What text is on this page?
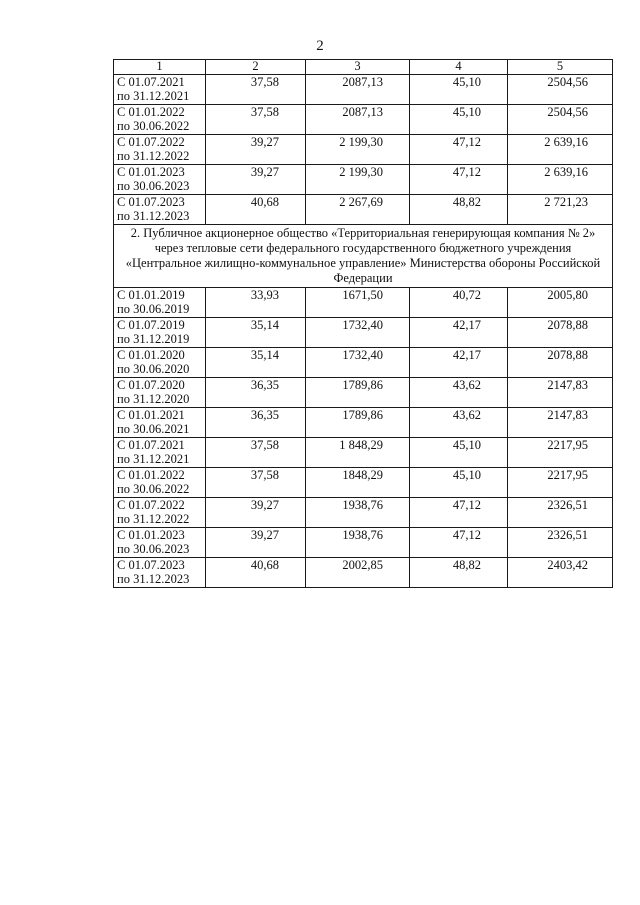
2
1	2	3	4	5

С 01.07.2021
по 31.12.2021	37,58	2087,13	45,10	2504,56

С 01.01.2022
по 30.06.2022	37,58	2087,13	45,10	2504,56

С 01.07.2022
по 31.12.2022	39,27	2 199,30	47,12	2 639,16

С 01.01.2023
по 30.06.2023	39,27	2 199,30	47,12	2 639,16

С 01.07.2023
по 31.12.2023	40,68	2 267,69	48,82	2 721,23
2. Публичное акционерное общество «Территориальная генерирующая компания № 2» через тепловые сети федерального государственного бюджетного учреждения «Центральное жилищно-коммунальное управление» Министерства обороны Российской Федерации				

С 01.01.2019
по 30.06.2019	33,93	1671,50	40,72	2005,80

С 01.07.2019
по 31.12.2019	35,14	1732,40	42,17	2078,88

С 01.01.2020
по 30.06.2020	35,14	1732,40	42,17	2078,88

С 01.07.2020
по 31.12.2020	36,35	1789,86	43,62	2147,83

С 01.01.2021
по 30.06.2021	36,35	1789,86	43,62	2147,83

С 01.07.2021
по 31.12.2021	37,58	1 848,29	45,10	2217,95

С 01.01.2022
по 30.06.2022	37,58	1848,29	45,10	2217,95

С 01.07.2022
по 31.12.2022	39,27	1938,76	47,12	2326,51

С 01.01.2023
по 30.06.2023	39,27	1938,76	47,12	2326,51

С 01.07.2023
по 31.12.2023	40,68	2002,85	48,82	2403,42
